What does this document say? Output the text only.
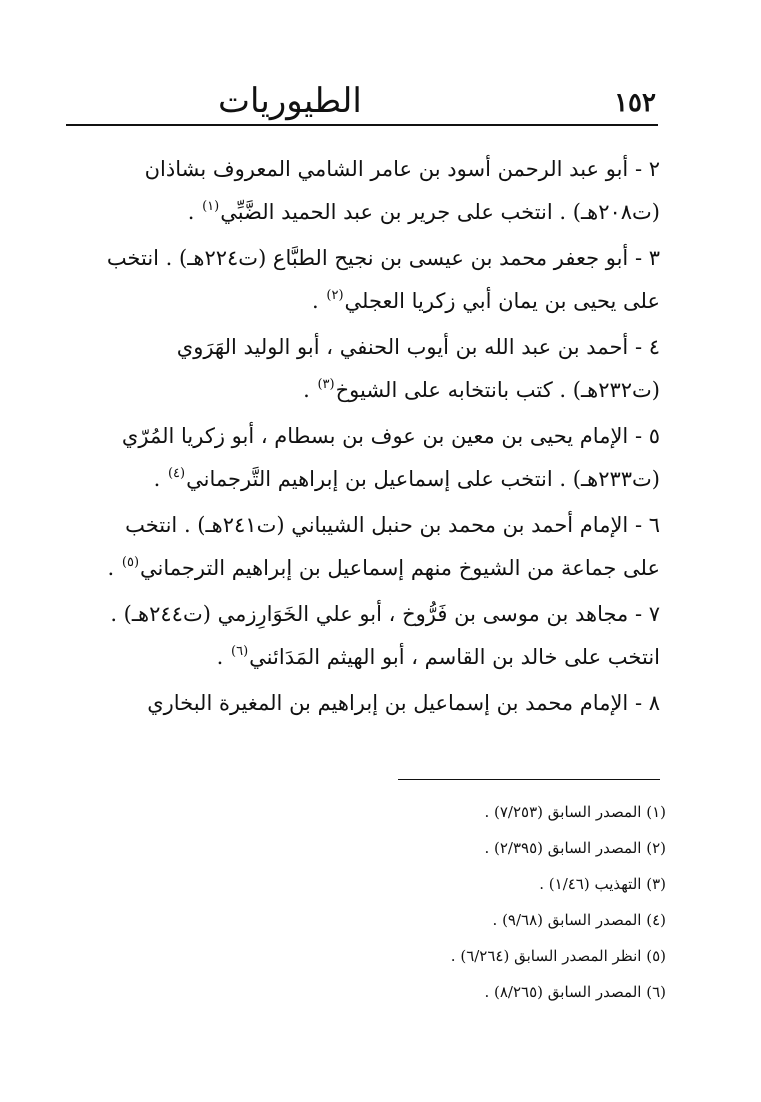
١٥٢
الطيوريات
٢ - أبو عبد الرحمن أسود بن عامر الشامي المعروف بشاذان
(ت٢٠٨هـ) . انتخب على جرير بن عبد الحميد الضَّبِّي$^{(١)}$ .
٣ - أبو جعفر محمد بن عيسى بن نجيح الطبَّاع (ت٢٢٤هـ) . انتخب
على يحيى بن يمان أبي زكريا العجلي$^{(٢)}$ .
٤ - أحمد بن عبد الله بن أيوب الحنفي ، أبو الوليد الهَرَوي
(ت٢٣٢هـ) . كتب بانتخابه على الشيوخ$^{(٣)}$ .
٥ - الإمام يحيى بن معين بن عوف بن بسطام ، أبو زكريا المُرّي
(ت٢٣٣هـ) . انتخب على إسماعيل بن إبراهيم التَّرجماني$^{(٤)}$ .
٦ - الإمام أحمد بن محمد بن حنبل الشيباني (ت٢٤١هـ) . انتخب
على جماعة من الشيوخ منهم إسماعيل بن إبراهيم الترجماني$^{(٥)}$ .
٧ - مجاهد بن موسى بن فَرُّوخ ، أبو علي الخَوَارِزمي (ت٢٤٤هـ) .
انتخب على خالد بن القاسم ، أبو الهيثم المَدَائني$^{(٦)}$ .
٨ - الإمام محمد بن إسماعيل بن إبراهيم بن المغيرة البخاري
(١) المصدر السابق (٧/٢٥٣) .
(٢) المصدر السابق (٢/٣٩٥) .
(٣) التهذيب (١/٤٦) .
(٤) المصدر السابق (٩/٦٨) .
(٥) انظر المصدر السابق (٦/٢٦٤) .
(٦) المصدر السابق (٨/٢٦٥) .
